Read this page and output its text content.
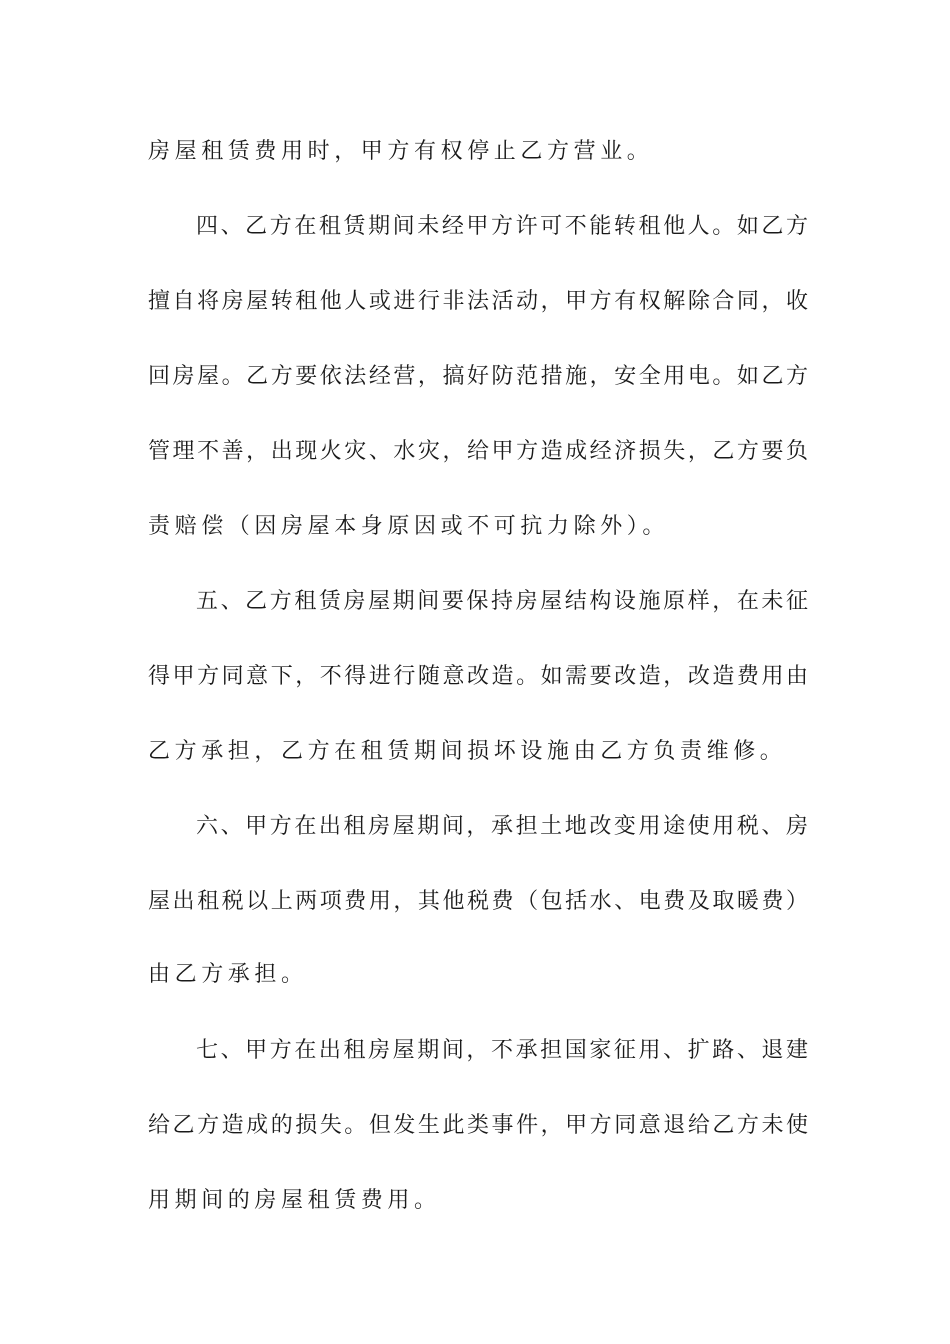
房屋租赁费用时，甲方有权停止乙方营业。
四、乙方在租赁期间未经甲方许可不能转租他人。如乙方
擅自将房屋转租他人或进行非法活动，甲方有权解除合同，收
回房屋。乙方要依法经营，搞好防范措施，安全用电。如乙方
管理不善，出现火灾、水灾，给甲方造成经济损失，乙方要负
责赔偿（因房屋本身原因或不可抗力除外）。
五、乙方租赁房屋期间要保持房屋结构设施原样，在未征
得甲方同意下，不得进行随意改造。如需要改造，改造费用由
乙方承担，乙方在租赁期间损坏设施由乙方负责维修。
六、甲方在出租房屋期间，承担土地改变用途使用税、房
屋出租税以上两项费用，其他税费（包括水、电费及取暖费）
由乙方承担。
七、甲方在出租房屋期间，不承担国家征用、扩路、退建
给乙方造成的损失。但发生此类事件，甲方同意退给乙方未使
用期间的房屋租赁费用。
